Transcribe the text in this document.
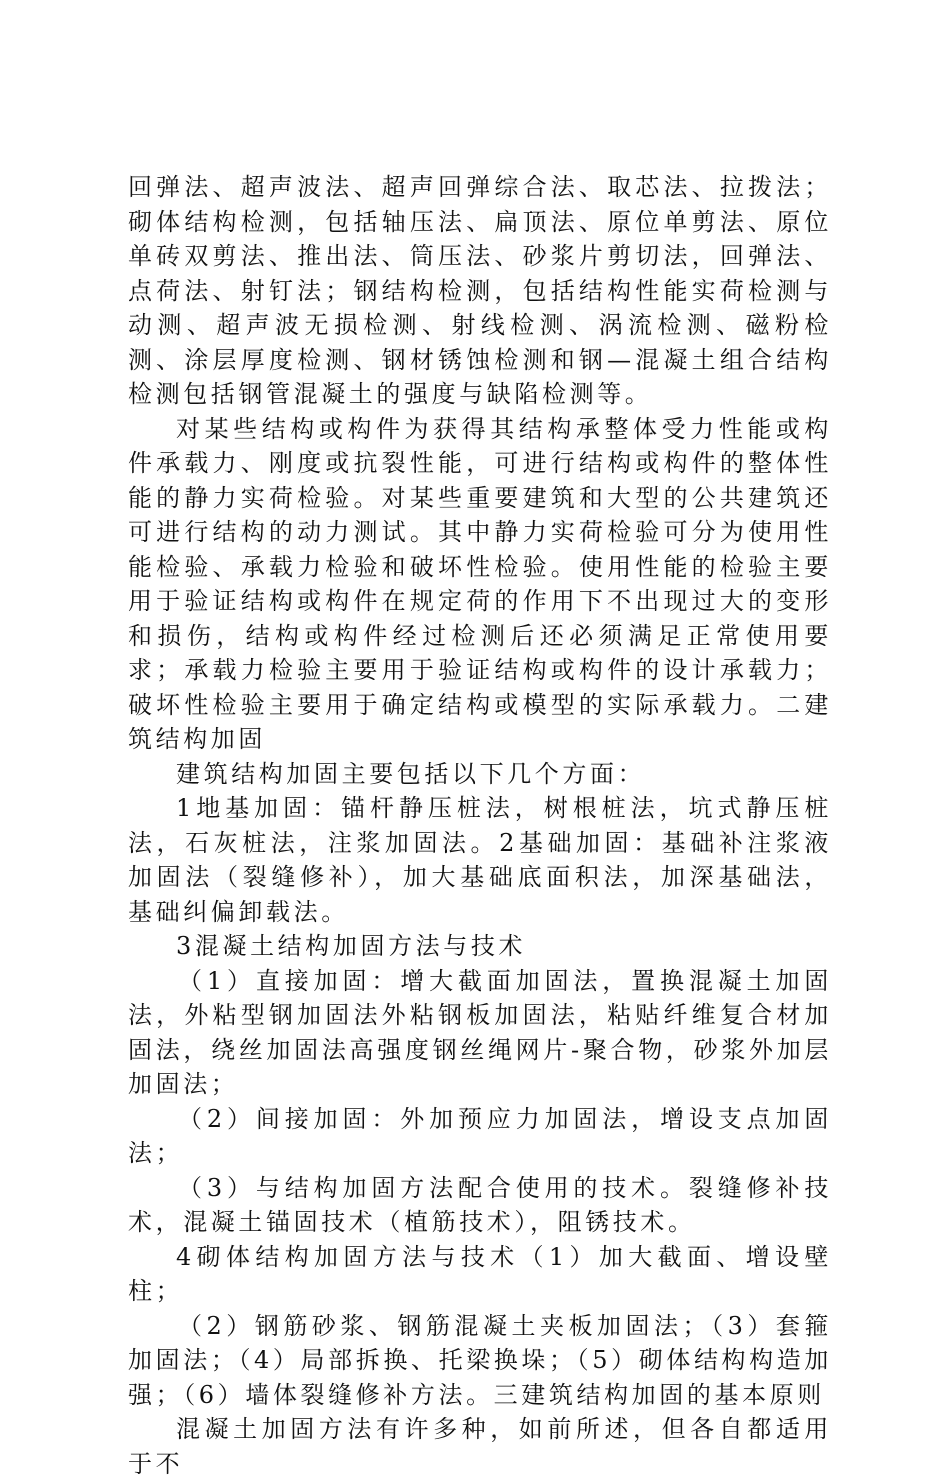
回弹法、超声波法、超声回弹综合法、取芯法、拉拨法；砌体结构检测，包括轴压法、扁顶法、原位单剪法、原位单砖双剪法、推出法、筒压法、砂浆片剪切法，回弹法、点荷法、射钉法；钢结构检测，包括结构性能实荷检测与动测、超声波无损检测、射线检测、涡流检测、磁粉检测、涂层厚度检测、钢材锈蚀检测和钢—混凝土组合结构检测包括钢管混凝土的强度与缺陷检测等。

对某些结构或构件为获得其结构承整体受力性能或构件承载力、刚度或抗裂性能，可进行结构或构件的整体性能的静力实荷检验。对某些重要建筑和大型的公共建筑还可进行结构的动力测试。其中静力实荷检验可分为使用性能检验、承载力检验和破坏性检验。使用性能的检验主要用于验证结构或构件在规定荷的作用下不出现过大的变形和损伤，结构或构件经过检测后还必须满足正常使用要求；承载力检验主要用于验证结构或构件的设计承载力；破坏性检验主要用于确定结构或模型的实际承载力。二建筑结构加固

建筑结构加固主要包括以下几个方面：

1地基加固：锚杆静压桩法，树根桩法，坑式静压桩法，石灰桩法，注浆加固法。2基础加固：基础补注浆液加固法（裂缝修补），加大基础底面积法，加深基础法，基础纠偏卸载法。

3混凝土结构加固方法与技术

（1）直接加固：增大截面加固法，置换混凝土加固法，外粘型钢加固法外粘钢板加固法，粘贴纤维复合材加固法，绕丝加固法高强度钢丝绳网片-聚合物，砂浆外加层加固法；

（2）间接加固：外加预应力加固法，增设支点加固法；

（3）与结构加固方法配合使用的技术。裂缝修补技术，混凝土锚固技术（植筋技术），阻锈技术。

4砌体结构加固方法与技术（1）加大截面、增设壁柱；

（2）钢筋砂浆、钢筋混凝土夹板加固法；（3）套箍加固法；（4）局部拆换、托梁换垛；（5）砌体结构构造加强；（6）墙体裂缝修补方法。三建筑结构加固的基本原则

混凝土加固方法有许多种，如前所述，但各自都适用于不
